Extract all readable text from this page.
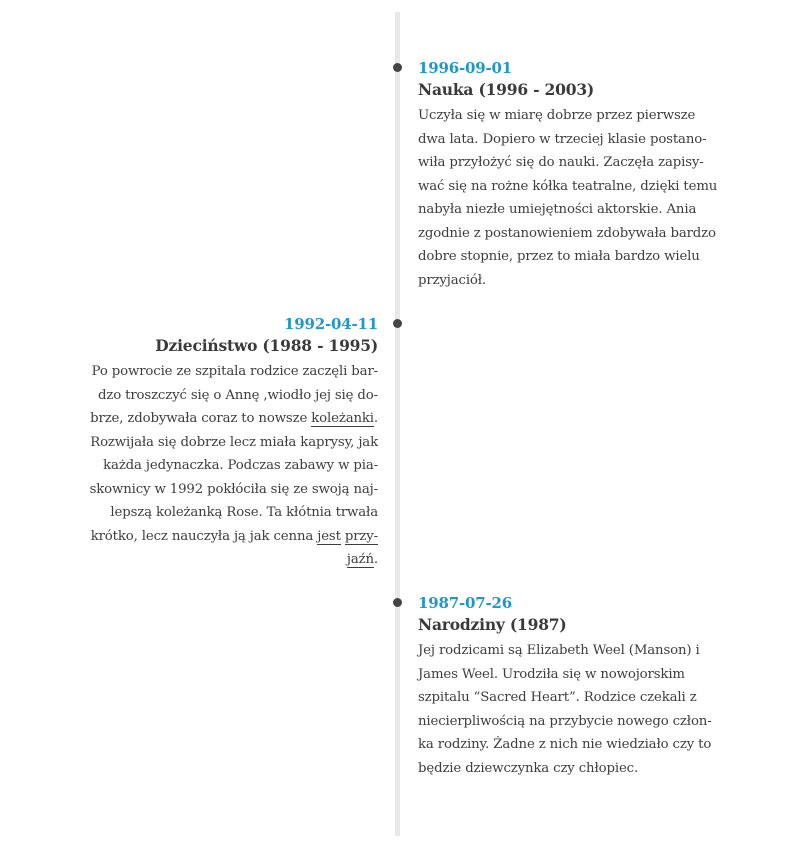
1996-09-01
Nauka (1996 - 2003)
Uczyła się w miarę dobrze przez pierwsze
dwa lata. Dopiero w trzeciej klasie postano-
wiła przyłożyć się do nauki. Zaczęła zapisy-
wać się na rożne kółka teatralne, dzięki temu
nabyła niezłe umiejętności aktorskie. Ania
zgodnie z postanowieniem zdobywała bardzo
dobre stopnie, przez to miała bardzo wielu
przyjaciół.
1992-04-11
Dzieciństwo (1988 - 1995)
Po powrocie ze szpitala rodzice zaczęli bar-
dzo troszczyć się o Annę ,wiodło jej się do-
brze, zdobywała coraz to nowsze koleżanki.
Rozwijała się dobrze lecz miała kaprysy, jak
każda jedynaczka. Podczas zabawy w pia-
skownicy w 1992 pokłóciła się ze swoją naj-
lepszą koleżanką Rose. Ta kłótnia trwała
krótko, lecz nauczyła ją jak cenna jest przy-
jaźń.
1987-07-26
Narodziny (1987)
Jej rodzicami są Elizabeth Weel (Manson) i
James Weel. Urodziła się w nowojorskim
szpitalu “Sacred Heart”. Rodzice czekali z
niecierpliwością na przybycie nowego człon-
ka rodziny. Żadne z nich nie wiedziało czy to
będzie dziewczynka czy chłopiec.
